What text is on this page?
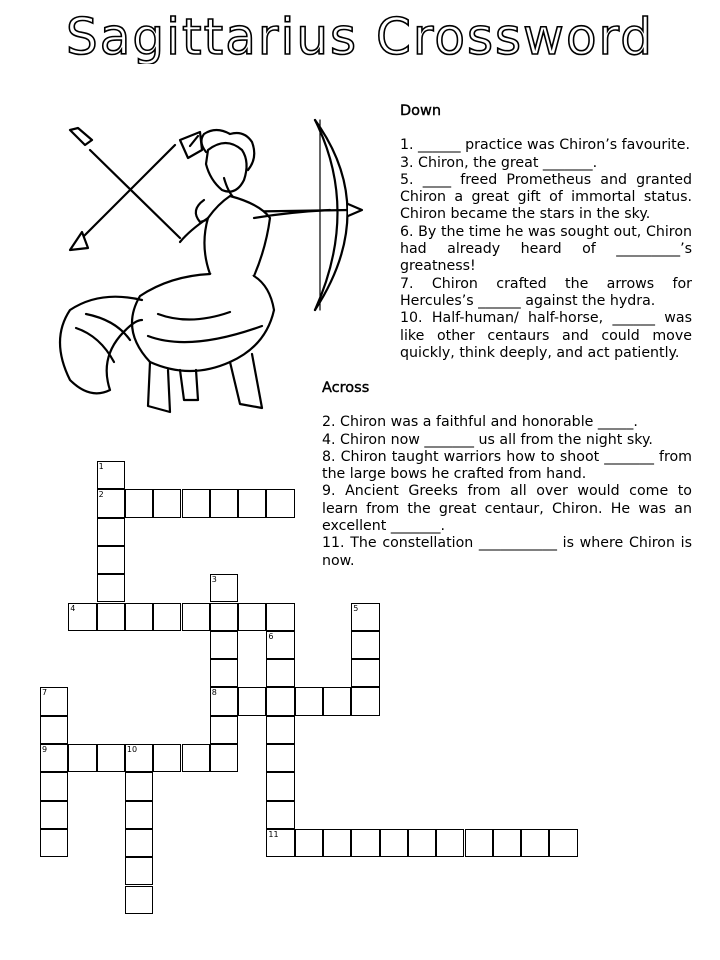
Sagittarius Crossword
Down

1. ______ practice was Chiron’s favourite.

3. Chiron, the great _______.

5. ____ freed Prometheus and granted Chiron a great gift of immortal status. Chiron became the stars in the sky.

6. By the time he was sought out, Chiron had already heard of _________’s greatness!

7. Chiron crafted the arrows for Hercules’s ______ against the hydra.

10. Half-human/ half-horse, ______ was like other centaurs and could move quickly, think deeply, and act patiently.

Across

2. Chiron was a faithful and honorable _____.

4. Chiron now _______ us all from the night sky.

8. Chiron taught warriors how to shoot _______ from the large bows he crafted from hand.

9. Ancient Greeks from all over would come to learn from the great centaur, Chiron. He was an excellent _______.

11. The constellation ___________ is where Chiron is now.

1
2
3
4	5
6
7	8
9	10
11
